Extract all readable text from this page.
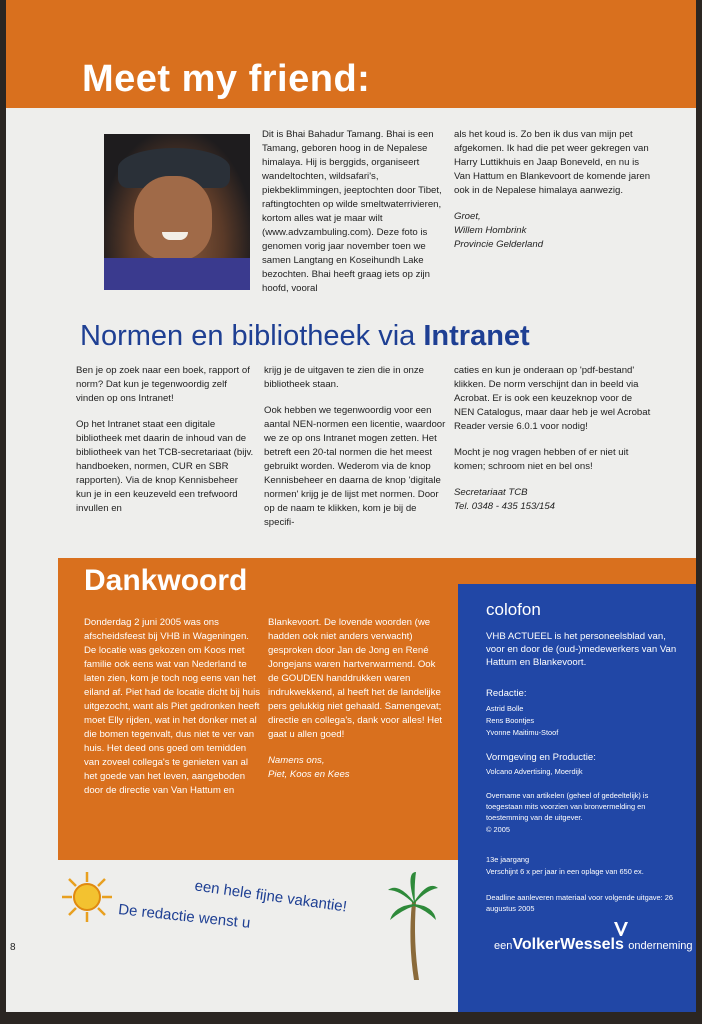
Meet my friend:

Dit is Bhai Bahadur Tamang. Bhai is een Tamang, geboren hoog in de Nepalese himalaya. Hij is berggids, organiseert wandeltochten, wildsafari's, piekbeklimmingen, jeeptochten door Tibet, raftingtochten op wilde smeltwaterrivieren, kortom alles wat je maar wilt (www.advzambuling.com). Deze foto is genomen vorig jaar november toen we samen Langtang en Koseihundh Lake bezochten. Bhai heeft graag iets op zijn hoofd, vooral

als het koud is. Zo ben ik dus van mijn pet afgekomen. Ik had die pet weer gekregen van Harry Luttikhuis en Jaap Boneveld, en nu is Van Hattum en Blankevoort de komende jaren ook in de Nepalese himalaya aanwezig.

Groet,
Willem Hombrink
Provincie Gelderland
Normen en bibliotheek via Intranet

Ben je op zoek naar een boek, rapport of norm? Dat kun je tegenwoordig zelf vinden op ons Intranet!

Op het Intranet staat een digitale bibliotheek met daarin de inhoud van de bibliotheek van het TCB-secretariaat (bijv. handboeken, normen, CUR en SBR rapporten). Via de knop Kennisbeheer kun je in een keuzeveld een trefwoord invullen en

krijg je de uitgaven te zien die in onze bibliotheek staan.

Ook hebben we tegenwoordig voor een aantal NEN-normen een licentie, waardoor we ze op ons Intranet mogen zetten. Het betreft een 20-tal normen die het meest gebruikt worden. Wederom via de knop Kennisbeheer en daarna de knop 'digitale normen' krijg je de lijst met normen. Door op de naam te klikken, kom je bij de specifi-

caties en kun je onderaan op 'pdf-bestand' klikken. De norm verschijnt dan in beeld via Acrobat. Er is ook een keuzeknop voor de NEN Catalogus, maar daar heb je wel Acrobat Reader versie 6.0.1 voor nodig!

Mocht je nog vragen hebben of er niet uit komen; schroom niet en bel ons!

Secretariaat TCB
Tel. 0348 - 435 153/154
Dankwoord

Donderdag 2 juni 2005 was ons afscheidsfeest bij VHB in Wageningen. De locatie was gekozen om Koos met familie ook eens wat van Nederland te laten zien, kom je toch nog eens van het eiland af. Piet had de locatie dicht bij huis uitgezocht, want als Piet gedronken heeft moet Elly rijden, wat in het donker met al die bomen tegenvalt, dus niet te ver van huis. Het deed ons goed om temidden van zoveel collega's te genieten van al het goede van het leven, aangeboden door de directie van Van Hattum en

Blankevoort. De lovende woorden (we hadden ook niet anders verwacht) gesproken door Jan de Jong en René Jongejans waren hartverwarmend. Ook de GOUDEN handdrukken waren indrukwekkend, al heeft het de landelijke pers gelukkig niet gehaald. Samengevat; directie en collega's, dank voor alles! Het gaat u allen goed!

Namens ons,
Piet, Koos en Kees
colofon
VHB ACTUEEL is het personeelsblad van, voor en door de (oud-)medewerkers van Van Hattum en Blankevoort.
Redactie:
Astrid Bolle
Rens Boontjes
Yvonne Maitimu-Stoof
Vormgeving en Productie:
Volcano Advertising, Moerdijk
Overname van artikelen (geheel of gedeeltelijk) is toegestaan mits voorzien van bronvermelding en toestemming van de uitgever.
© 2005
13e jaargang
Verschijnt 6 x per jaar in een oplage van 650 ex.
Deadline aanleveren materiaal voor volgende uitgave: 26 augustus 2005
eenVolkerWessels onderneming
een hele fijne vakantie!
De redactie wenst u
8
